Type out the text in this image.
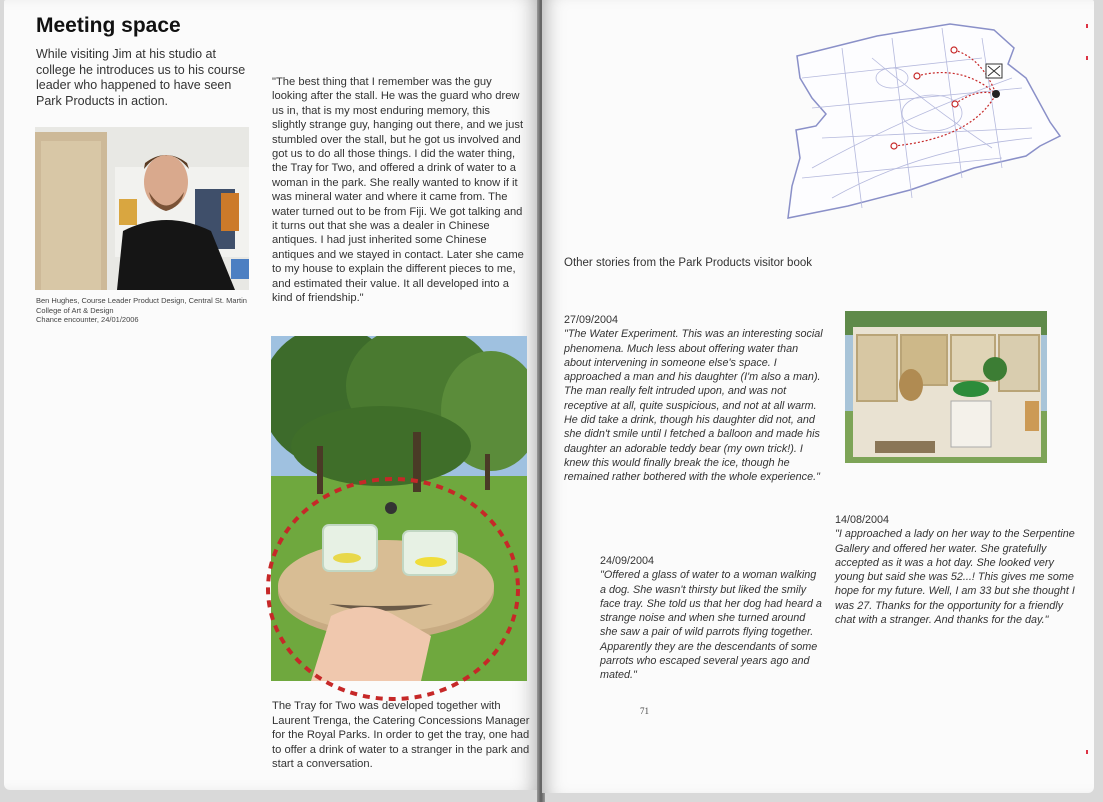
Meeting space

While visiting Jim at his studio at college he introduces us to his course leader who happened to have seen Park Products in action.

Ben Hughes, Course Leader Product Design, Central St. Martin
College of Art & Design
Chance encounter, 24/01/2006

"The best thing that I remember was the guy looking after the stall. He was the guard who drew us in, that is my most enduring memory, this slightly strange guy, hanging out there, and we just stumbled over the stall, but he got us involved and got us to do all those things. I did the water thing, the Tray for Two, and offered a drink of water to a woman in the park. She really wanted to know if it was mineral water and where it came from. The water turned out to be from Fiji. We got talking and it turns out that she was a dealer in Chinese antiques. I had just inherited some Chinese antiques and we stayed in contact. Later she came to my house to explain the different pieces to me, and estimated their value. It all developed into a kind of friendship."

The Tray for Two was developed together with Laurent Trenga, the Catering Concessions Manager for the Royal Parks. In order to get the tray, one had to offer a drink of water to a stranger in the park and start a conversation.

Other stories from the Park Products visitor book

27/09/2004

"The Water Experiment. This was an interesting social phenomena. Much less about offering water than about intervening in someone else's space. I approached a man and his daughter (I'm also a man). The man really felt intruded upon, and was not receptive at all, quite suspicious, and not at all warm. He did take a drink, though his daughter did not, and she didn't smile until I fetched a balloon and made his daughter an adorable teddy bear (my own trick!). I knew this would finally break the ice, though he remained rather bothered with the whole experience."

24/09/2004

"Offered a glass of water to a woman walking a dog. She wasn't thirsty but liked the smily face tray. She told us that her dog had heard a strange noise and when she turned around she saw a pair of wild parrots flying together. Apparently they are the descendants of some parrots who escaped several years ago and mated."

14/08/2004

"I approached a lady on her way to the Serpentine Gallery and offered her water. She gratefully accepted as it was a hot day. She looked very young but said she was 52...! This gives me some hope for my future. Well, I am 33 but she thought I was 27. Thanks for the opportunity for a friendly chat with a stranger. And thanks for the day."

71
